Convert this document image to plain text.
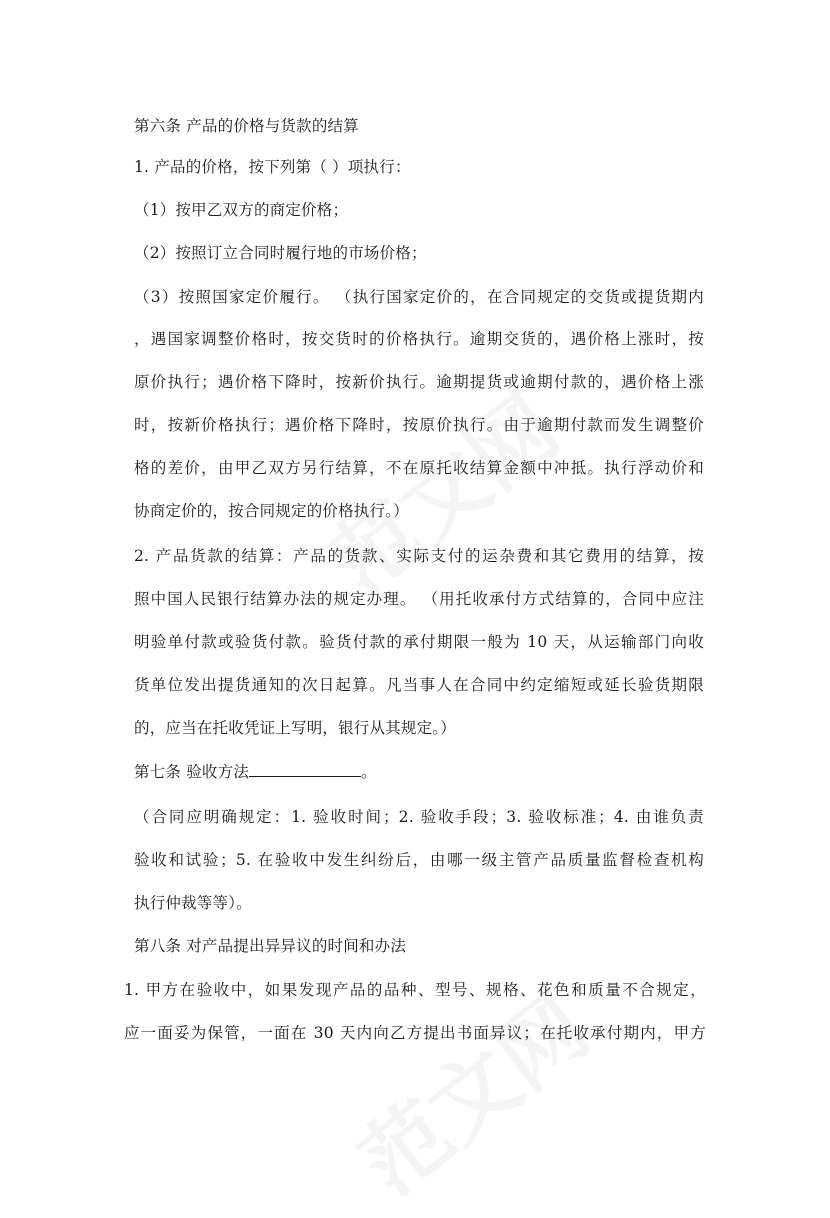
第六条 产品的价格与货款的结算
1. 产品的价格，按下列第（ ）项执行：
（1）按甲乙双方的商定价格；
（2）按照订立合同时履行地的市场价格；
（3）按照国家定价履行。 （执行国家定价的，在合同规定的交货或提货期内
，遇国家调整价格时，按交货时的价格执行。逾期交货的，遇价格上涨时，按
原价执行；遇价格下降时，按新价执行。逾期提货或逾期付款的，遇价格上涨
时，按新价格执行；遇价格下降时，按原价执行。由于逾期付款而发生调整价
格的差价，由甲乙双方另行结算，不在原托收结算金额中冲抵。执行浮动价和
协商定价的，按合同规定的价格执行。）
2. 产品货款的结算：产品的货款、实际支付的运杂费和其它费用的结算，按
照中国人民银行结算办法的规定办理。 （用托收承付方式结算的，合同中应注
明验单付款或验货付款。验货付款的承付期限一般为 10 天，从运输部门向收
货单位发出提货通知的次日起算。凡当事人在合同中约定缩短或延长验货期限
的，应当在托收凭证上写明，银行从其规定。）
第七条 验收方法	。
（合同应明确规定：1. 验收时间；2. 验收手段；3. 验收标准；4. 由谁负责
验收和试验；5. 在验收中发生纠纷后，由哪一级主管产品质量监督检查机构
执行仲裁等等）。
第八条 对产品提出异异议的时间和办法
1. 甲方在验收中，如果发现产品的品种、型号、规格、花色和质量不合规定，
应一面妥为保管，一面在 30 天内向乙方提出书面异议；在托收承付期内，甲方
